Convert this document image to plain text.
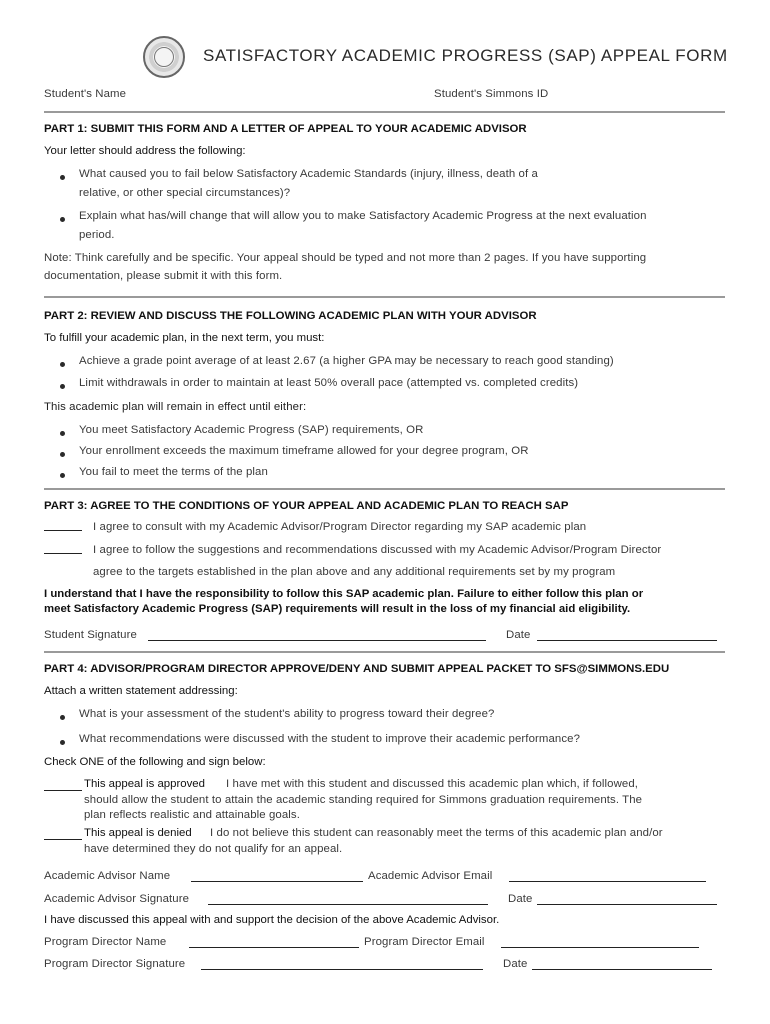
SATISFACTORY ACADEMIC PROGRESS (SAP) APPEAL FORM
Student's Name	Student's Simmons ID
PART 1: SUBMIT THIS FORM AND A LETTER OF APPEAL TO YOUR ACADEMIC ADVISOR
Your letter should address the following:
What caused you to fail below Satisfactory Academic Standards (injury, illness, death of a
relative, or other special circumstances)?
Explain what has/will change that will allow you to make Satisfactory Academic Progress at the next evaluation
period.
Note: Think carefully and be specific. Your appeal should be typed and not more than 2 pages. If you have supporting
documentation, please submit it with this form.
PART 2: REVIEW AND DISCUSS THE FOLLOWING ACADEMIC PLAN WITH YOUR ADVISOR
To fulfill your academic plan, in the next term, you must:
Achieve a grade point average of at least 2.67 (a higher GPA may be necessary to reach good standing)
Limit withdrawals in order to maintain at least 50% overall pace (attempted vs. completed credits)
This academic plan will remain in effect until either:
You meet Satisfactory Academic Progress (SAP) requirements, OR
Your enrollment exceeds the maximum timeframe allowed for your degree program, OR
You fail to meet the terms of the plan
PART 3: AGREE TO THE CONDITIONS OF YOUR APPEAL AND ACADEMIC PLAN TO REACH SAP
I agree to consult with my Academic Advisor/Program Director regarding my SAP academic plan
I agree to follow the suggestions and recommendations discussed with my Academic Advisor/Program Director
agree to the targets established in the plan above and any additional requirements set by my program
I understand that I have the responsibility to follow this SAP academic plan. Failure to either follow this plan or
meet Satisfactory Academic Progress (SAP) requirements will result in the loss of my financial aid eligibility.
Student Signature	Date
PART 4: ADVISOR/PROGRAM DIRECTOR APPROVE/DENY AND SUBMIT APPEAL PACKET TO SFS@SIMMONS.EDU
Attach a written statement addressing:
What is your assessment of the student's ability to progress toward their degree?
What recommendations were discussed with the student to improve their academic performance?
Check ONE of the following and sign below:
This appeal is approved I have met with this student and discussed this academic plan which, if followed,
should allow the student to attain the academic standing required for Simmons graduation requirements. The
plan reflects realistic and attainable goals.
This appeal is denied I do not believe this student can reasonably meet the terms of this academic plan and/or
have determined they do not qualify for an appeal.
Academic Advisor Name	Academic Advisor Email
Academic Advisor Signature	Date
I have discussed this appeal with and support the decision of the above Academic Advisor.
Program Director Name	Program Director Email
Program Director Signature	Date
